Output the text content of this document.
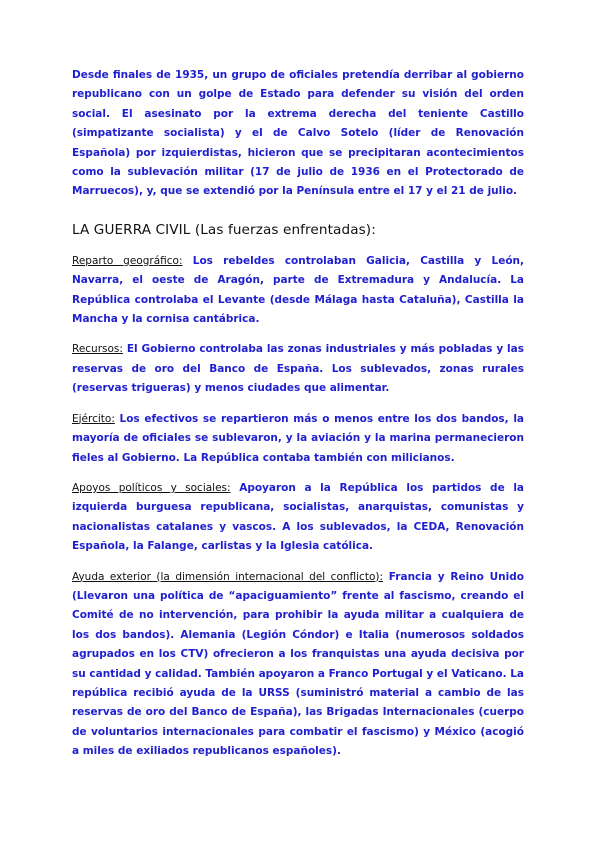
Desde finales de 1935, un grupo de oficiales pretendía derribar al gobierno republicano con un golpe de Estado para defender su visión del orden social. El asesinato por la extrema derecha del teniente Castillo (simpatizante socialista) y el de Calvo Sotelo (líder de Renovación Española) por izquierdistas, hicieron que se precipitaran acontecimientos como la sublevación militar (17 de julio de 1936 en el Protectorado de Marruecos), y, que se extendió por la Península entre el 17 y el 21 de julio.

LA GUERRA CIVIL (Las fuerzas enfrentadas):

Reparto geográfico: Los rebeldes controlaban Galicia, Castilla y León, Navarra, el oeste de Aragón, parte de Extremadura y Andalucía. La República controlaba el Levante (desde Málaga hasta Cataluña), Castilla la Mancha y la cornisa cantábrica.

Recursos: El Gobierno controlaba las zonas industriales y más pobladas y las reservas de oro del Banco de España. Los sublevados, zonas rurales (reservas trigueras) y menos ciudades que alimentar.

Ejército: Los efectivos se repartieron más o menos entre los dos bandos, la mayoría de oficiales se sublevaron, y la aviación y la marina permanecieron fieles al Gobierno. La República contaba también con milicianos.

Apoyos políticos y sociales: Apoyaron a la República los partidos de la izquierda burguesa republicana, socialistas, anarquistas, comunistas y nacionalistas catalanes y vascos. A los sublevados, la CEDA, Renovación Española, la Falange, carlistas y la Iglesia católica.

Ayuda exterior (la dimensión internacional del conflicto): Francia y Reino Unido (Llevaron una política de “apaciguamiento” frente al fascismo, creando el Comité de no intervención, para prohibir la ayuda militar a cualquiera de los dos bandos). Alemania (Legión Cóndor) e Italia (numerosos soldados agrupados en los CTV) ofrecieron a los franquistas una ayuda decisiva por su cantidad y calidad. También apoyaron a Franco Portugal y el Vaticano. La república recibió ayuda de la URSS (suministró material a cambio de las reservas de oro del Banco de España), las Brigadas Internacionales (cuerpo de voluntarios internacionales para combatir el fascismo) y México (acogió a miles de exiliados republicanos españoles).
